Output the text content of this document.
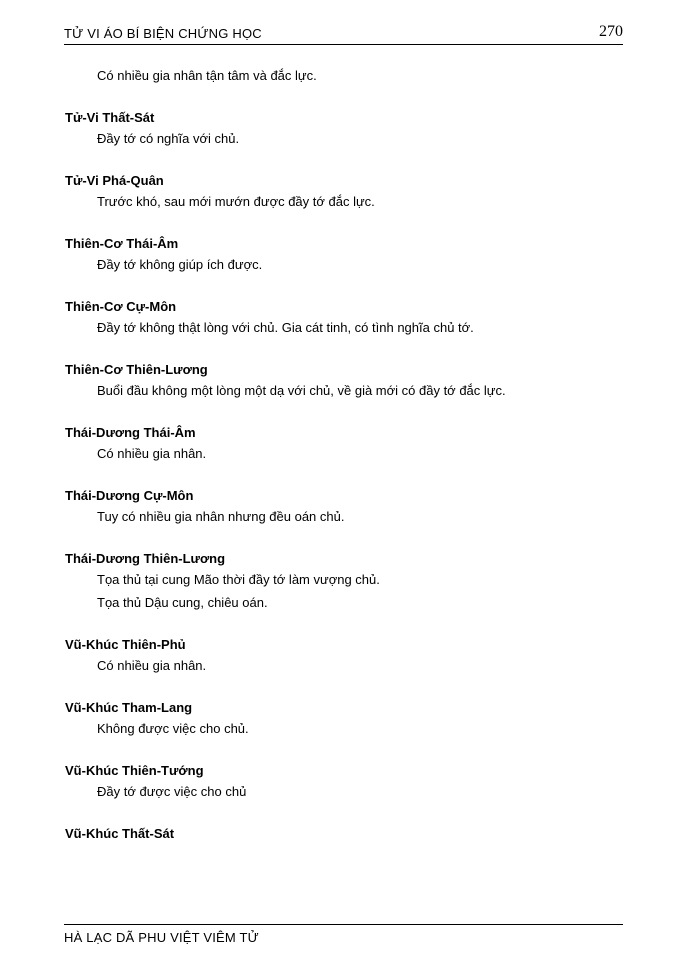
TỬ VI ÁO BÍ BIỆN CHỨNG HỌC	270
Có nhiều gia nhân tận tâm và đắc lực.
Tử-Vi Thất-Sát
Đầy tớ có nghĩa với chủ.
Tử-Vi Phá-Quân
Trước khó, sau mới mướn được đầy tớ đắc lực.
Thiên-Cơ Thái-Âm
Đầy tớ không giúp ích được.
Thiên-Cơ Cự-Môn
Đầy tớ không thật lòng với chủ. Gia cát tinh, có tình nghĩa chủ tớ.
Thiên-Cơ Thiên-Lương
Buổi đầu không một lòng một dạ với chủ, về già mới có đầy tớ đắc lực.
Thái-Dương Thái-Âm
Có nhiều gia nhân.
Thái-Dương Cự-Môn
Tuy có nhiều gia nhân nhưng đều oán chủ.
Thái-Dương Thiên-Lương
Tọa thủ tại cung Mão thời đầy tớ làm vượng chủ.
Tọa thủ Dậu cung, chiêu oán.
Vũ-Khúc Thiên-Phủ
Có nhiều gia nhân.
Vũ-Khúc Tham-Lang
Không được việc cho chủ.
Vũ-Khúc Thiên-Tướng
Đầy tớ được việc cho chủ
Vũ-Khúc Thất-Sát
HÀ LẠC DÃ PHU VIỆT VIÊM TỬ
